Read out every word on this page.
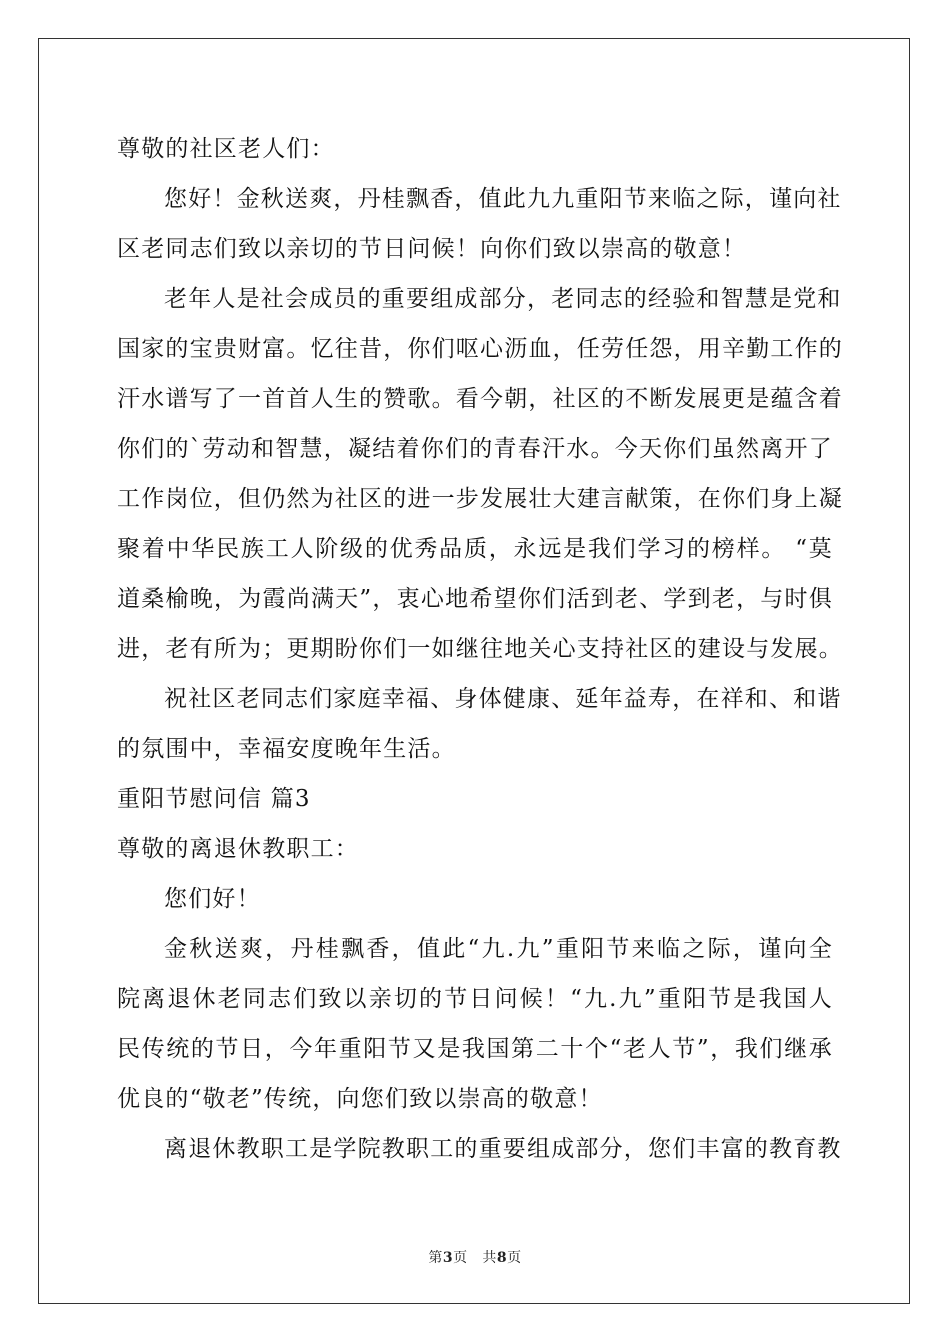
尊敬的社区老人们：
您好！金秋送爽，丹桂飘香，值此九九重阳节来临之际，谨向社
区老同志们致以亲切的节日问候！向你们致以崇高的敬意！
老年人是社会成员的重要组成部分，老同志的经验和智慧是党和
国家的宝贵财富。忆往昔，你们呕心沥血，任劳任怨，用辛勤工作的
汗水谱写了一首首人生的赞歌。看今朝，社区的不断发展更是蕴含着
你们的`劳动和智慧，凝结着你们的青春汗水。今天你们虽然离开了
工作岗位，但仍然为社区的进一步发展壮大建言献策，在你们身上凝
聚着中华民族工人阶级的优秀品质，永远是我们学习的榜样。 “莫
道桑榆晚，为霞尚满天”，衷心地希望你们活到老、学到老，与时俱
进，老有所为；更期盼你们一如继往地关心支持社区的建设与发展。
祝社区老同志们家庭幸福、身体健康、延年益寿，在祥和、和谐
的氛围中，幸福安度晚年生活。
重阳节慰问信 篇3
尊敬的离退休教职工：
您们好！
金秋送爽，丹桂飘香，值此“九.九”重阳节来临之际，谨向全
院离退休老同志们致以亲切的节日问候！“九.九”重阳节是我国人
民传统的节日，今年重阳节又是我国第二十个“老人节”，我们继承
优良的“敬老”传统，向您们致以崇高的敬意！
离退休教职工是学院教职工的重要组成部分，您们丰富的教育教
第3页 共8页
